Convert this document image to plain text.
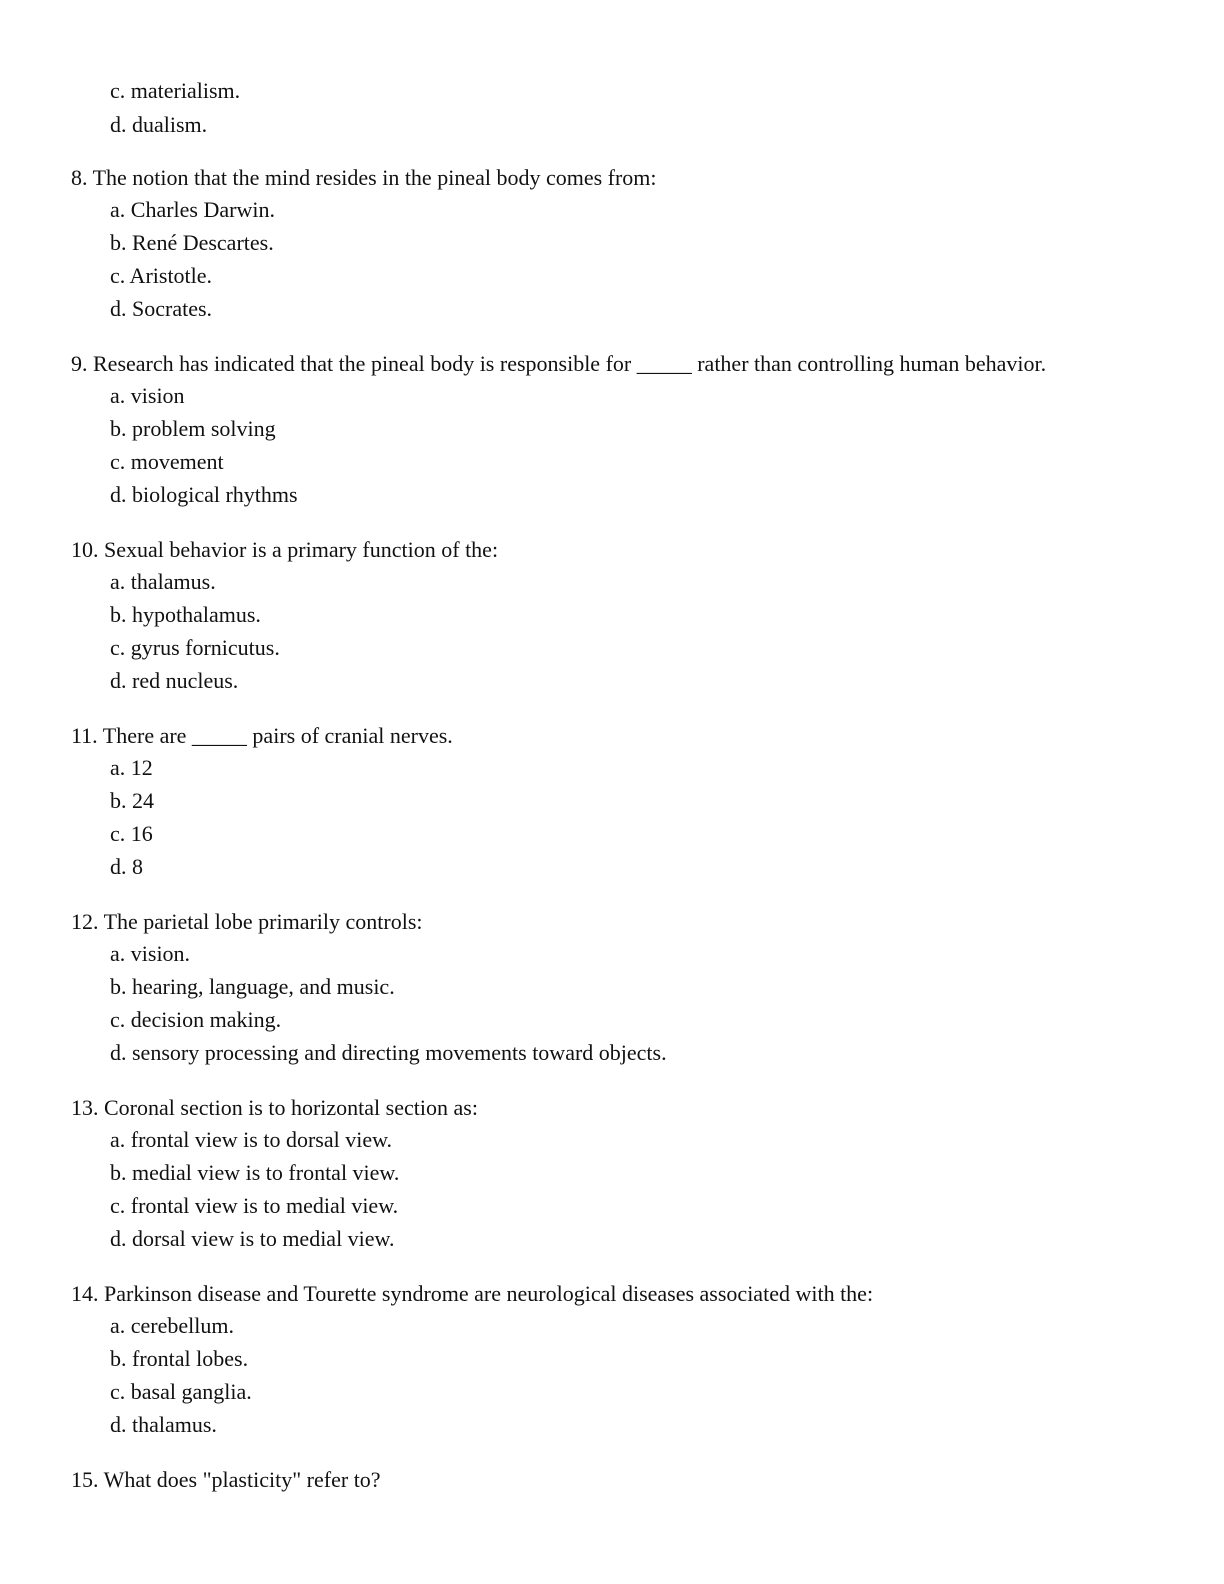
c. materialism.
d. dualism.
8. The notion that the mind resides in the pineal body comes from:
a. Charles Darwin.
b. René Descartes.
c. Aristotle.
d. Socrates.
9. Research has indicated that the pineal body is responsible for _____ rather than controlling human behavior.
a. vision
b. problem solving
c. movement
d. biological rhythms
10. Sexual behavior is a primary function of the:
a. thalamus.
b. hypothalamus.
c. gyrus fornicutus.
d. red nucleus.
11. There are _____ pairs of cranial nerves.
a. 12
b. 24
c. 16
d. 8
12. The parietal lobe primarily controls:
a. vision.
b. hearing, language, and music.
c. decision making.
d. sensory processing and directing movements toward objects.
13. Coronal section is to horizontal section as:
a. frontal view is to dorsal view.
b. medial view is to frontal view.
c. frontal view is to medial view.
d. dorsal view is to medial view.
14. Parkinson disease and Tourette syndrome are neurological diseases associated with the:
a. cerebellum.
b. frontal lobes.
c. basal ganglia.
d. thalamus.
15. What does "plasticity" refer to?
